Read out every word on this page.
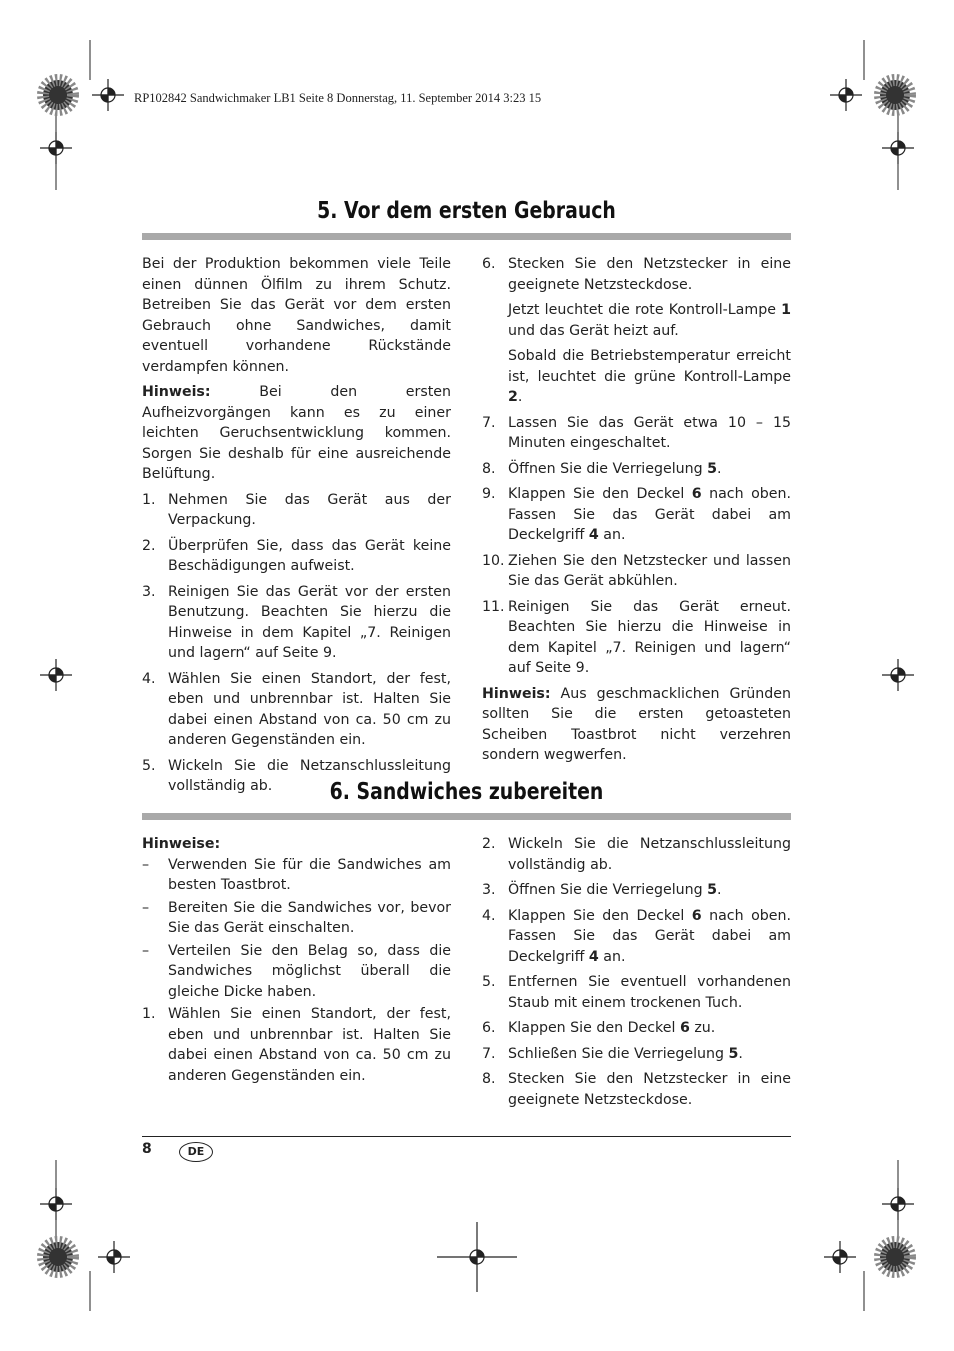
RP102842 Sandwichmaker LB1 Seite 8 Donnerstag, 11. September 2014 3:23 15
5. Vor dem ersten Gebrauch

Bei der Produktion bekommen viele Teile einen dünnen Ölfilm zu ihrem Schutz. Betreiben Sie das Gerät vor dem ersten Gebrauch ohne Sandwiches, damit eventuell vorhandene Rückstände verdampfen können.

Hinweis: Bei den ersten Aufheizvorgängen kann es zu einer leichten Geruchsentwicklung kommen. Sorgen Sie deshalb für eine ausreichende Belüftung.

1. Nehmen Sie das Gerät aus der Verpackung.
2. Überprüfen Sie, dass das Gerät keine Beschädigungen aufweist.
3. Reinigen Sie das Gerät vor der ersten Benutzung. Beachten Sie hierzu die Hinweise in dem Kapitel „7. Reinigen und lagern“ auf Seite 9.
4. Wählen Sie einen Standort, der fest, eben und unbrennbar ist. Halten Sie dabei einen Abstand von ca. 50 cm zu anderen Gegenständen ein.
5. Wickeln Sie die Netzanschlussleitung vollständig ab.
6. Stecken Sie den Netzstecker in eine geeignete Netzsteckdose.

Jetzt leuchtet die rote Kontroll-Lampe 1 und das Gerät heizt auf.

Sobald die Betriebstemperatur erreicht ist, leuchtet die grüne Kontroll-Lampe 2.

7. Lassen Sie das Gerät etwa 10 – 15 Minuten eingeschaltet.
8. Öffnen Sie die Verriegelung 5.
9. Klappen Sie den Deckel 6 nach oben. Fassen Sie das Gerät dabei am Deckelgriff 4 an.
10. Ziehen Sie den Netzstecker und lassen Sie das Gerät abkühlen.
11. Reinigen Sie das Gerät erneut. Beachten Sie hierzu die Hinweise in dem Kapitel „7. Reinigen und lagern“ auf Seite 9.

Hinweis: Aus geschmacklichen Gründen sollten Sie die ersten getoasteten Scheiben Toastbrot nicht verzehren sondern wegwerfen.

6. Sandwiches zubereiten

Hinweise:

–	Verwenden Sie für die Sandwiches am besten Toastbrot.
–	Bereiten Sie die Sandwiches vor, bevor Sie das Gerät einschalten.
–	Verteilen Sie den Belag so, dass die Sandwiches möglichst überall die gleiche Dicke haben.
1. Wählen Sie einen Standort, der fest, eben und unbrennbar ist. Halten Sie dabei einen Abstand von ca. 50 cm zu anderen Gegenständen ein.
2. Wickeln Sie die Netzanschlussleitung vollständig ab.
3. Öffnen Sie die Verriegelung 5.
4. Klappen Sie den Deckel 6 nach oben. Fassen Sie das Gerät dabei am Deckelgriff 4 an.
5. Entfernen Sie eventuell vorhandenen Staub mit einem trockenen Tuch.
6. Klappen Sie den Deckel 6 zu.
7. Schließen Sie die Verriegelung 5.
8. Stecken Sie den Netzstecker in eine geeignete Netzsteckdose.
8	DE
